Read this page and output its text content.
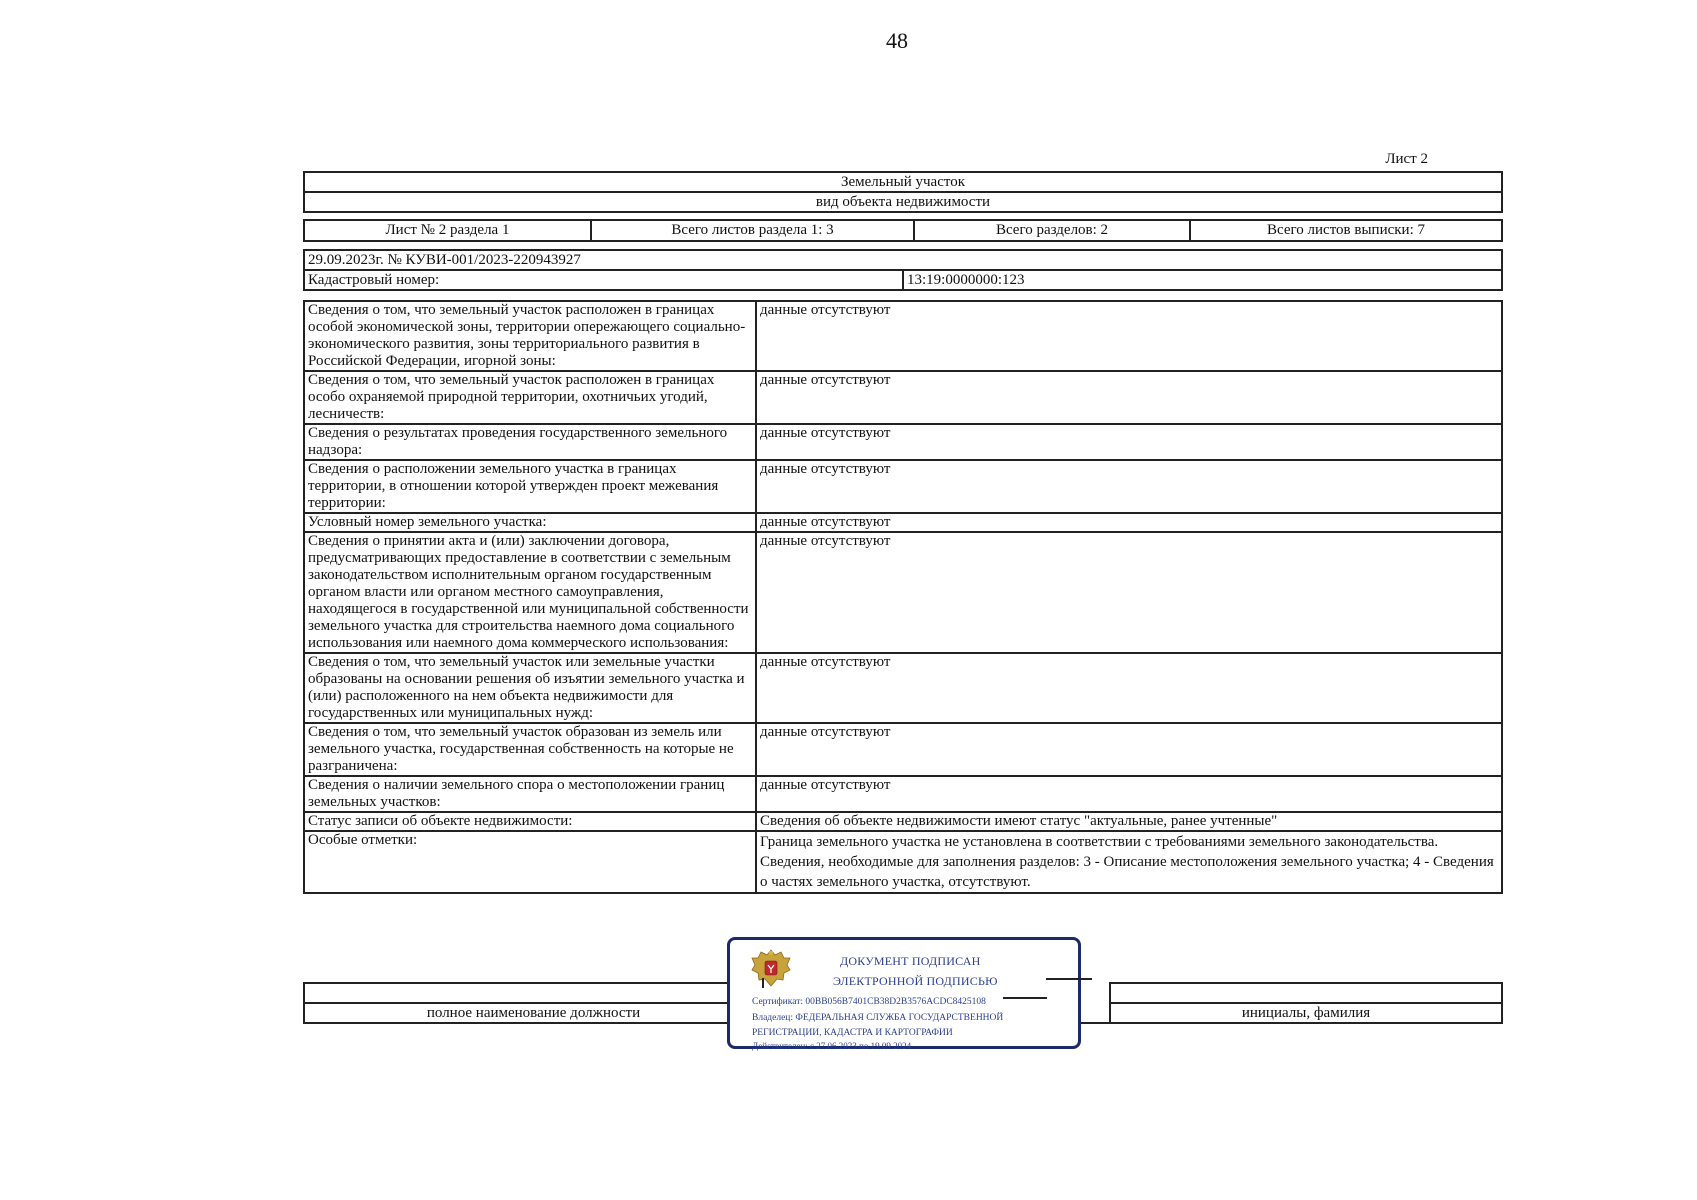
48
Лист 2
Земельный участок
вид объекта недвижимости
Лист № 2 раздела 1	Всего листов раздела 1: 3	Всего разделов: 2	Всего листов выписки: 7
29.09.2023г. № КУВИ-001/2023-220943927
Кадастровый номер:	13:19:0000000:123
Сведения о том, что земельный участок расположен в границах особой экономической зоны, территории опережающего социально-экономического развития, зоны территориального развития в Российской Федерации, игорной зоны:	данные отсутствуют
Сведения о том, что земельный участок расположен в границах особо охраняемой природной территории, охотничьих угодий, лесничеств:	данные отсутствуют
Сведения о результатах проведения государственного земельного надзора:	данные отсутствуют
Сведения о расположении земельного участка в границах территории, в отношении которой утвержден проект межевания территории:	данные отсутствуют
Условный номер земельного участка:	данные отсутствуют
Сведения о принятии акта и (или) заключении договора, предусматривающих предоставление в соответствии с земельным законодательством исполнительным органом государственным органом власти или органом местного самоуправления, находящегося в государственной или муниципальной собственности земельного участка для строительства наемного дома социального использования или наемного дома коммерческого использования:	данные отсутствуют
Сведения о том, что земельный участок или земельные участки образованы на основании решения об изъятии земельного участка и (или) расположенного на нем объекта недвижимости для государственных или муниципальных нужд:	данные отсутствуют
Сведения о том, что земельный участок образован из земель или земельного участка, государственная собственность на которые не разграничена:	данные отсутствуют
Сведения о наличии земельного спора о местоположении границ земельных участков:	данные отсутствуют
Статус записи об объекте недвижимости:	Сведения об объекте недвижимости имеют статус "актуальные, ранее учтенные"
Особые отметки:	Граница земельного участка не установлена в соответствии с требованиями земельного законодательства. Сведения, необходимые для заполнения разделов: 3 - Описание местоположения земельного участка; 4 - Сведения о частях земельного участка, отсутствуют.

полное наименование должности		инициалы, фамилия
ДОКУМЕНТ ПОДПИСАН
ЭЛЕКТРОННОЙ ПОДПИСЬЮ
Сертификат: 00BB056B7401CB38D2B3576ACDC8425108
Владелец: ФЕДЕРАЛЬНАЯ СЛУЖБА ГОСУДАРСТВЕННОЙ
РЕГИСТРАЦИИ, КАДАСТРА И КАРТОГРАФИИ
Действителен: с 27.06.2023 по 19.09.2024
